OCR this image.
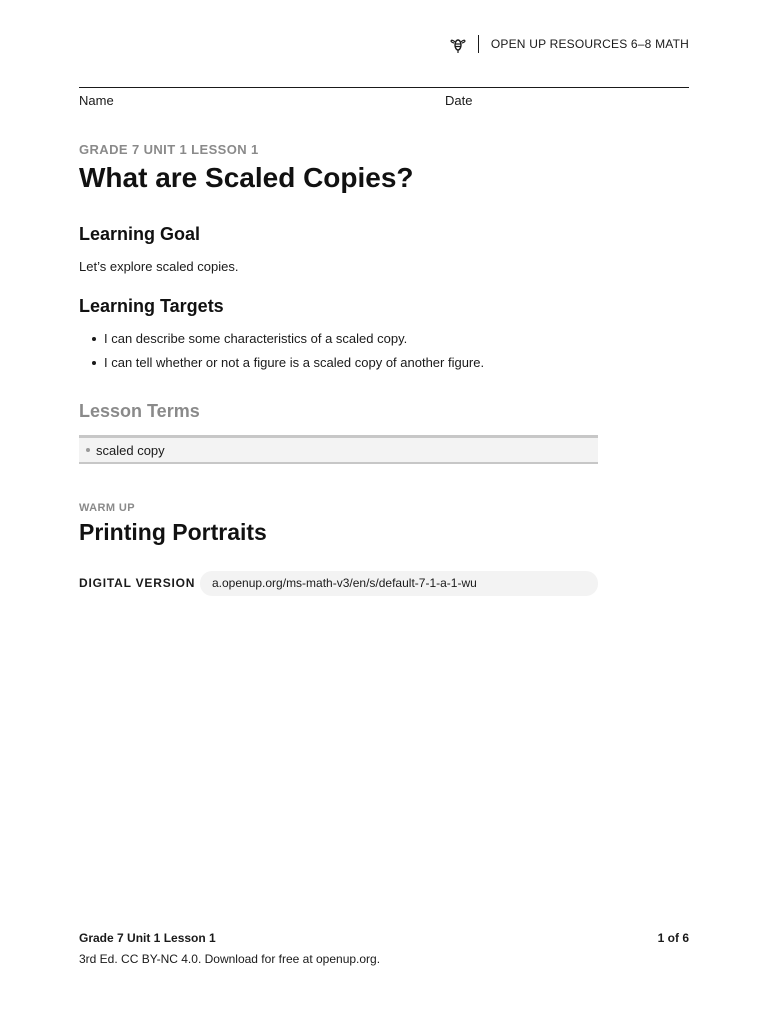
OPEN UP RESOURCES 6–8 MATH
Name	Date
GRADE 7 UNIT 1 LESSON 1
What are Scaled Copies?
Learning Goal
Let’s explore scaled copies.
Learning Targets
I can describe some characteristics of a scaled copy.
I can tell whether or not a figure is a scaled copy of another figure.
Lesson Terms
scaled copy
WARM UP
Printing Portraits
DIGITAL VERSION	a.openup.org/ms-math-v3/en/s/default-7-1-a-1-wu
Grade 7 Unit 1 Lesson 1	1 of 6
3rd Ed. CC BY-NC 4.0. Download for free at openup.org.
